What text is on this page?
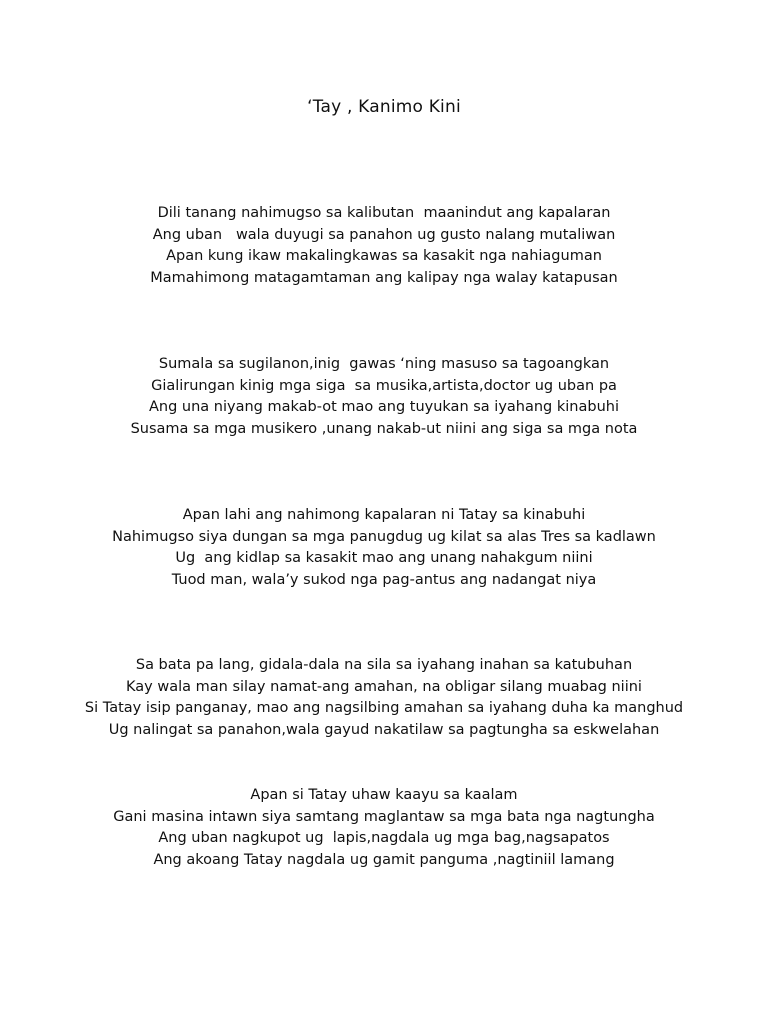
‘Tay , Kanimo Kini
Dili tanang nahimugso sa kalibutan  maanindut ang kapalaran
Ang uban   wala duyugi sa panahon ug gusto nalang mutaliwan
Apan kung ikaw makalingkawas sa kasakit nga nahiaguman
Mamahimong matagamtaman ang kalipay nga walay katapusan
Sumala sa sugilanon,inig  gawas ‘ning masuso sa tagoangkan
Gialirungan kinig mga siga  sa musika,artista,doctor ug uban pa
Ang una niyang makab-ot mao ang tuyukan sa iyahang kinabuhi
Susama sa mga musikero ,unang nakab-ut niini ang siga sa mga nota
Apan lahi ang nahimong kapalaran ni Tatay sa kinabuhi
Nahimugso siya dungan sa mga panugdug ug kilat sa alas Tres sa kadlawn
Ug  ang kidlap sa kasakit mao ang unang nahakgum niini
Tuod man, wala’y sukod nga pag-antus ang nadangat niya
Sa bata pa lang, gidala-dala na sila sa iyahang inahan sa katubuhan
Kay wala man silay namat-ang amahan, na obligar silang muabag niini
Si Tatay isip panganay, mao ang nagsilbing amahan sa iyahang duha ka manghud
Ug nalingat sa panahon,wala gayud nakatilaw sa pagtungha sa eskwelahan
Apan si Tatay uhaw kaayu sa kaalam
Gani masina intawn siya samtang maglantaw sa mga bata nga nagtungha
Ang uban nagkupot ug  lapis,nagdala ug mga bag,nagsapatos
Ang akoang Tatay nagdala ug gamit panguma ,nagtiniil lamang
